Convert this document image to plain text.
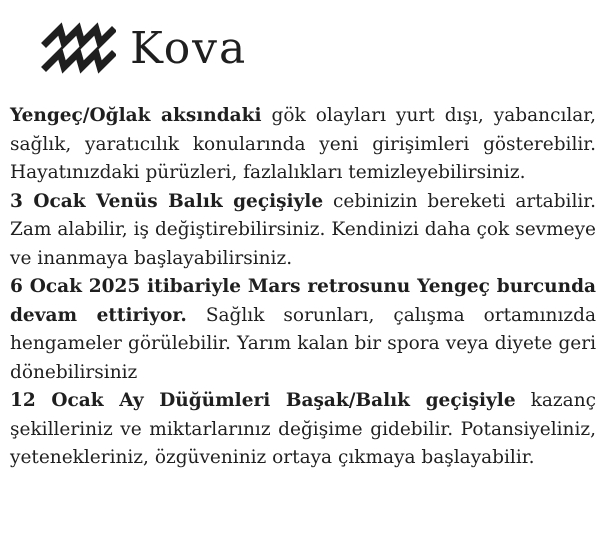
Kova

Yengeç/Oğlak aksındaki gök olayları yurt dışı, yabancılar, sağlık, yaratıcılık konularında yeni girişimleri gösterebilir. Hayatınızdaki pürüzleri, fazlalıkları temizleyebilirsiniz.

3 Ocak Venüs Balık geçişiyle cebinizin bereketi artabilir. Zam alabilir, iş değiştirebilirsiniz. Kendinizi daha çok sevmeye ve inanmaya başlayabilirsiniz.

6 Ocak 2025 itibariyle Mars retrosunu Yengeç burcunda devam ettiriyor. Sağlık sorunları, çalışma ortamınızda hengameler görülebilir. Yarım kalan bir spora veya diyete geri dönebilirsiniz

12 Ocak Ay Düğümleri Başak/Balık geçişiyle kazanç şekilleriniz ve miktarlarınız değişime gidebilir. Potansiyeliniz, yetenekleriniz, özgüveniniz ortaya çıkmaya başlayabilir.
